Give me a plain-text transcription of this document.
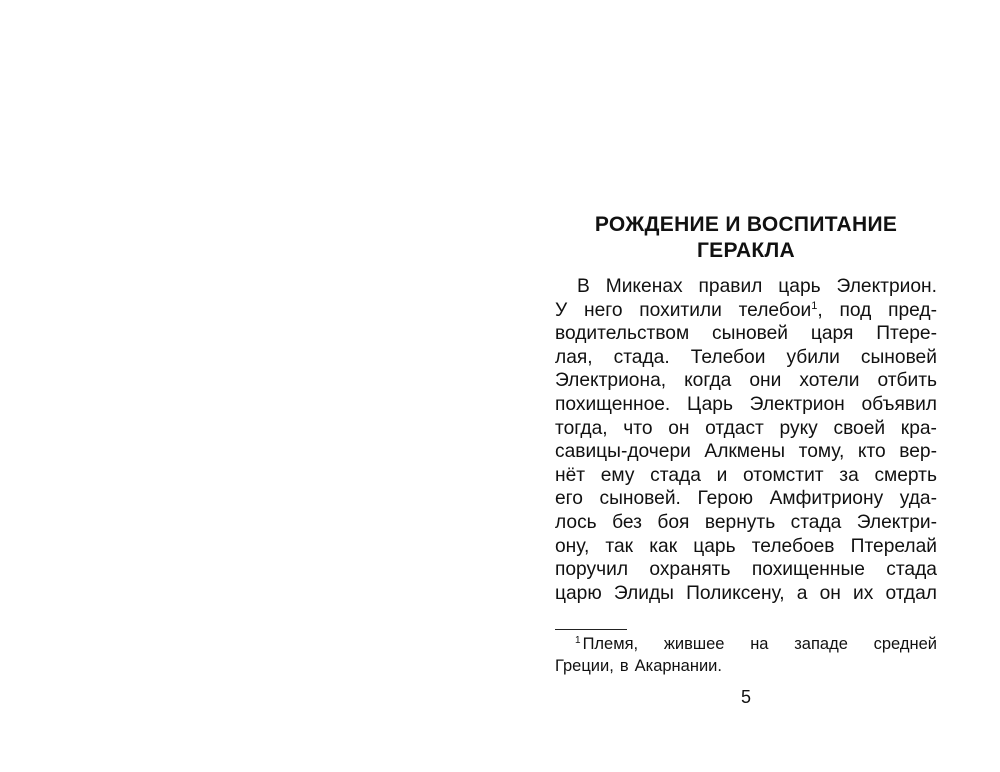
РОЖДЕНИЕ И ВОСПИТАНИЕ
ГЕРАКЛА
В Микенах правил царь Электрион.
У него похитили телебои$^1$, под пред-
водительством сыновей царя Птере-
лая, стада. Телебои убили сыновей
Электриона, когда они хотели отбить
похищенное. Царь Электрион объявил
тогда, что он отдаст руку своей кра-
савицы-дочери Алкмены тому, кто вер-
нёт ему стада и отомстит за смерть
его сыновей. Герою Амфитриону уда-
лось без боя вернуть стада Электри-
ону, так как царь телебоев Птерелай
поручил охранять похищенные стада
царю Элиды Поликсену, а он их отдал
$^1$ Племя, жившее на западе средней
Греции, в Акарнании.
5
